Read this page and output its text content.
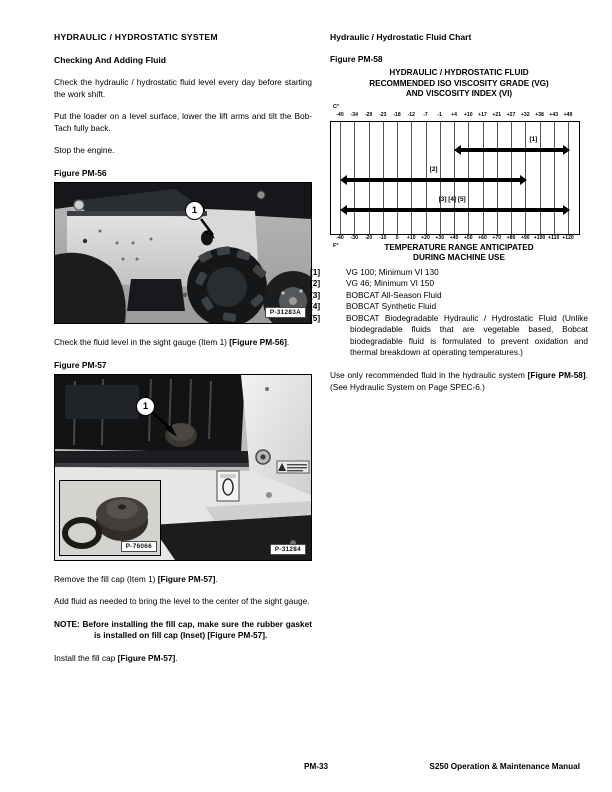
HYDRAULIC / HYDROSTATIC SYSTEM
Checking And Adding Fluid

Check the hydraulic / hydrostatic fluid level every day before starting the work shift.

Put the loader on a level surface, lower the lift arms and tilt the Bob-Tach fully back.

Stop the engine.

Figure PM-56
1
P-31283A

Check the fluid level in the sight gauge (Item 1) [Figure PM-56].

Figure PM-57
1
P-76066	P-31284

Remove the fill cap (Item 1) [Figure PM-57].

Add fluid as needed to bring the level to the center of the sight gauge.

NOTE: Before installing the fill cap, make sure the rubber gasket is installed on fill cap (Inset) [Figure PM-57].

Install the fill cap [Figure PM-57].

Hydraulic / Hydrostatic Fluid Chart
Figure PM-58
HYDRAULIC / HYDROSTATIC FLUID
RECOMMENDED ISO VISCOSITY GRADE (VG)
AND VISCOSITY INDEX (VI)
C°
-40 -34 -29 -23 -18 -12 -7 -1 +4 +10 +17 +21 +27 +32 +38 +43 +49
[1]
[2]
[3] [4] [5]
-40 -30 -20 -10 0 +10 +20 +30 +40 +50 +60 +70 +80 +90 +100 +110 +120
F°	TEMPERATURE RANGE ANTICIPATED
DURING MACHINE USE

[1]	VG 100; Minimum VI 130

[2]	VG 46; Minimum VI 150

[3]	BOBCAT All-Season Fluid

[4]	BOBCAT Synthetic Fluid

[5]	BOBCAT Biodegradable Hydraulic / Hydrostatic Fluid (Unlike biodegradable fluids that are vegetable based, Bobcat biodegradable fluid is formulated to prevent oxidation and thermal breakdown at operating temperatures.)

Use only recommended fluid in the hydraulic system [Figure PM-58]. (See Hydraulic System on Page SPEC-6.)

PM-33	S250 Operation & Maintenance Manual
